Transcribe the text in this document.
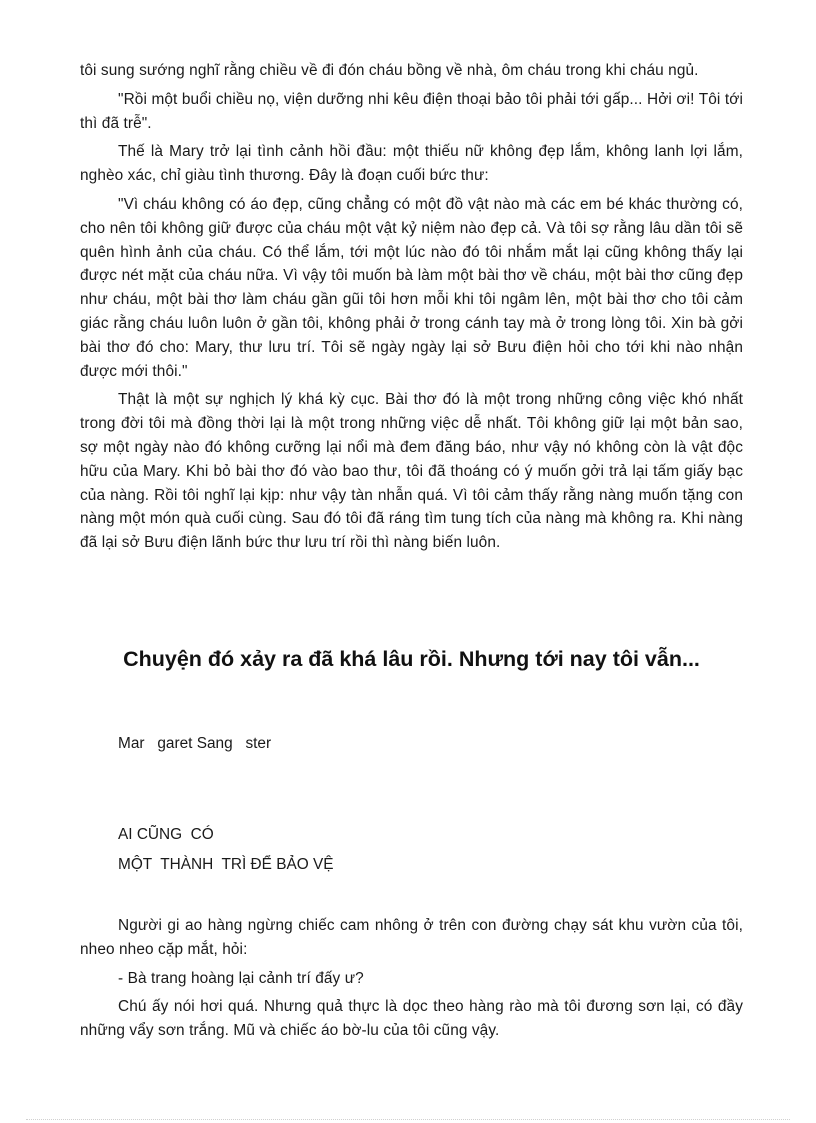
tôi sung sướng nghĩ rằng chiều về đi đón cháu bồng về nhà, ôm cháu trong khi cháu ngủ.

"Rồi một buổi chiều nọ, viện dưỡng nhi kêu điện thoại bảo tôi phải tới gấp... Hởi ơi! Tôi tới thì đã trễ".

Thế là Mary trở lại tình cảnh hồi đầu: một thiếu nữ không đẹp lắm, không lanh lợi lắm, nghèo xác, chỉ giàu tình thương. Đây là đoạn cuối bức thư:

"Vì cháu không có áo đẹp, cũng chẳng có một đồ vật nào mà các em bé khác thường có, cho nên tôi không giữ được của cháu một vật kỷ niệm nào đẹp cả. Và tôi sợ rằng lâu dần tôi sẽ quên hình ảnh của cháu. Có thể lắm, tới một lúc nào đó tôi nhắm mắt lại cũng không thấy lại được nét mặt của cháu nữa. Vì vậy tôi muốn bà làm một bài thơ về cháu, một bài thơ cũng đẹp như cháu, một bài thơ làm cháu gần gũi tôi hơn mỗi khi tôi ngâm lên, một bài thơ cho tôi cảm giác rằng cháu luôn luôn ở gần tôi, không phải ở trong cánh tay mà ở trong lòng tôi. Xin bà gởi bài thơ đó cho: Mary, thư lưu trí. Tôi sẽ ngày ngày lại sở Bưu điện hỏi cho tới khi nào nhận được mới thôi."

Thật là một sự nghịch lý khá kỳ cục. Bài thơ đó là một trong những công việc khó nhất trong đời tôi mà đồng thời lại là một trong những việc dễ nhất. Tôi không giữ lại một bản sao, sợ một ngày nào đó không cưỡng lại nổi mà đem đăng báo, như vậy nó không còn là vật độc hữu của Mary. Khi bỏ bài thơ đó vào bao thư, tôi đã thoáng có ý muốn gởi trả lại tấm giấy bạc của nàng. Rồi tôi nghĩ lại kịp: như vậy tàn nhẫn quá. Vì tôi cảm thấy rằng nàng muốn tặng con nàng một món quà cuối cùng. Sau đó tôi đã ráng tìm tung tích của nàng mà không ra. Khi nàng đã lại sở Bưu điện lãnh bức thư lưu trí rồi thì nàng biến luôn.

Chuyện đó xảy ra đã khá lâu rồi. Nhưng tới nay tôi vẫn...
Mar   garet Sang   ster
AI CŨNG  CÓ
MỘT  THÀNH  TRÌ ĐỂ BẢO VỆ

Người gi ao hàng ngừng chiếc cam nhông ở trên con đường chạy sát khu vườn của tôi, nheo nheo cặp mắt, hỏi:

- Bà trang hoàng lại cảnh trí đấy ư?

Chú ấy nói hơi quá. Nhưng quả thực là dọc theo hàng rào mà tôi đương sơn lại, có đầy những vẩy sơn trắng. Mũ và chiếc áo bờ-lu của tôi cũng vậy.
